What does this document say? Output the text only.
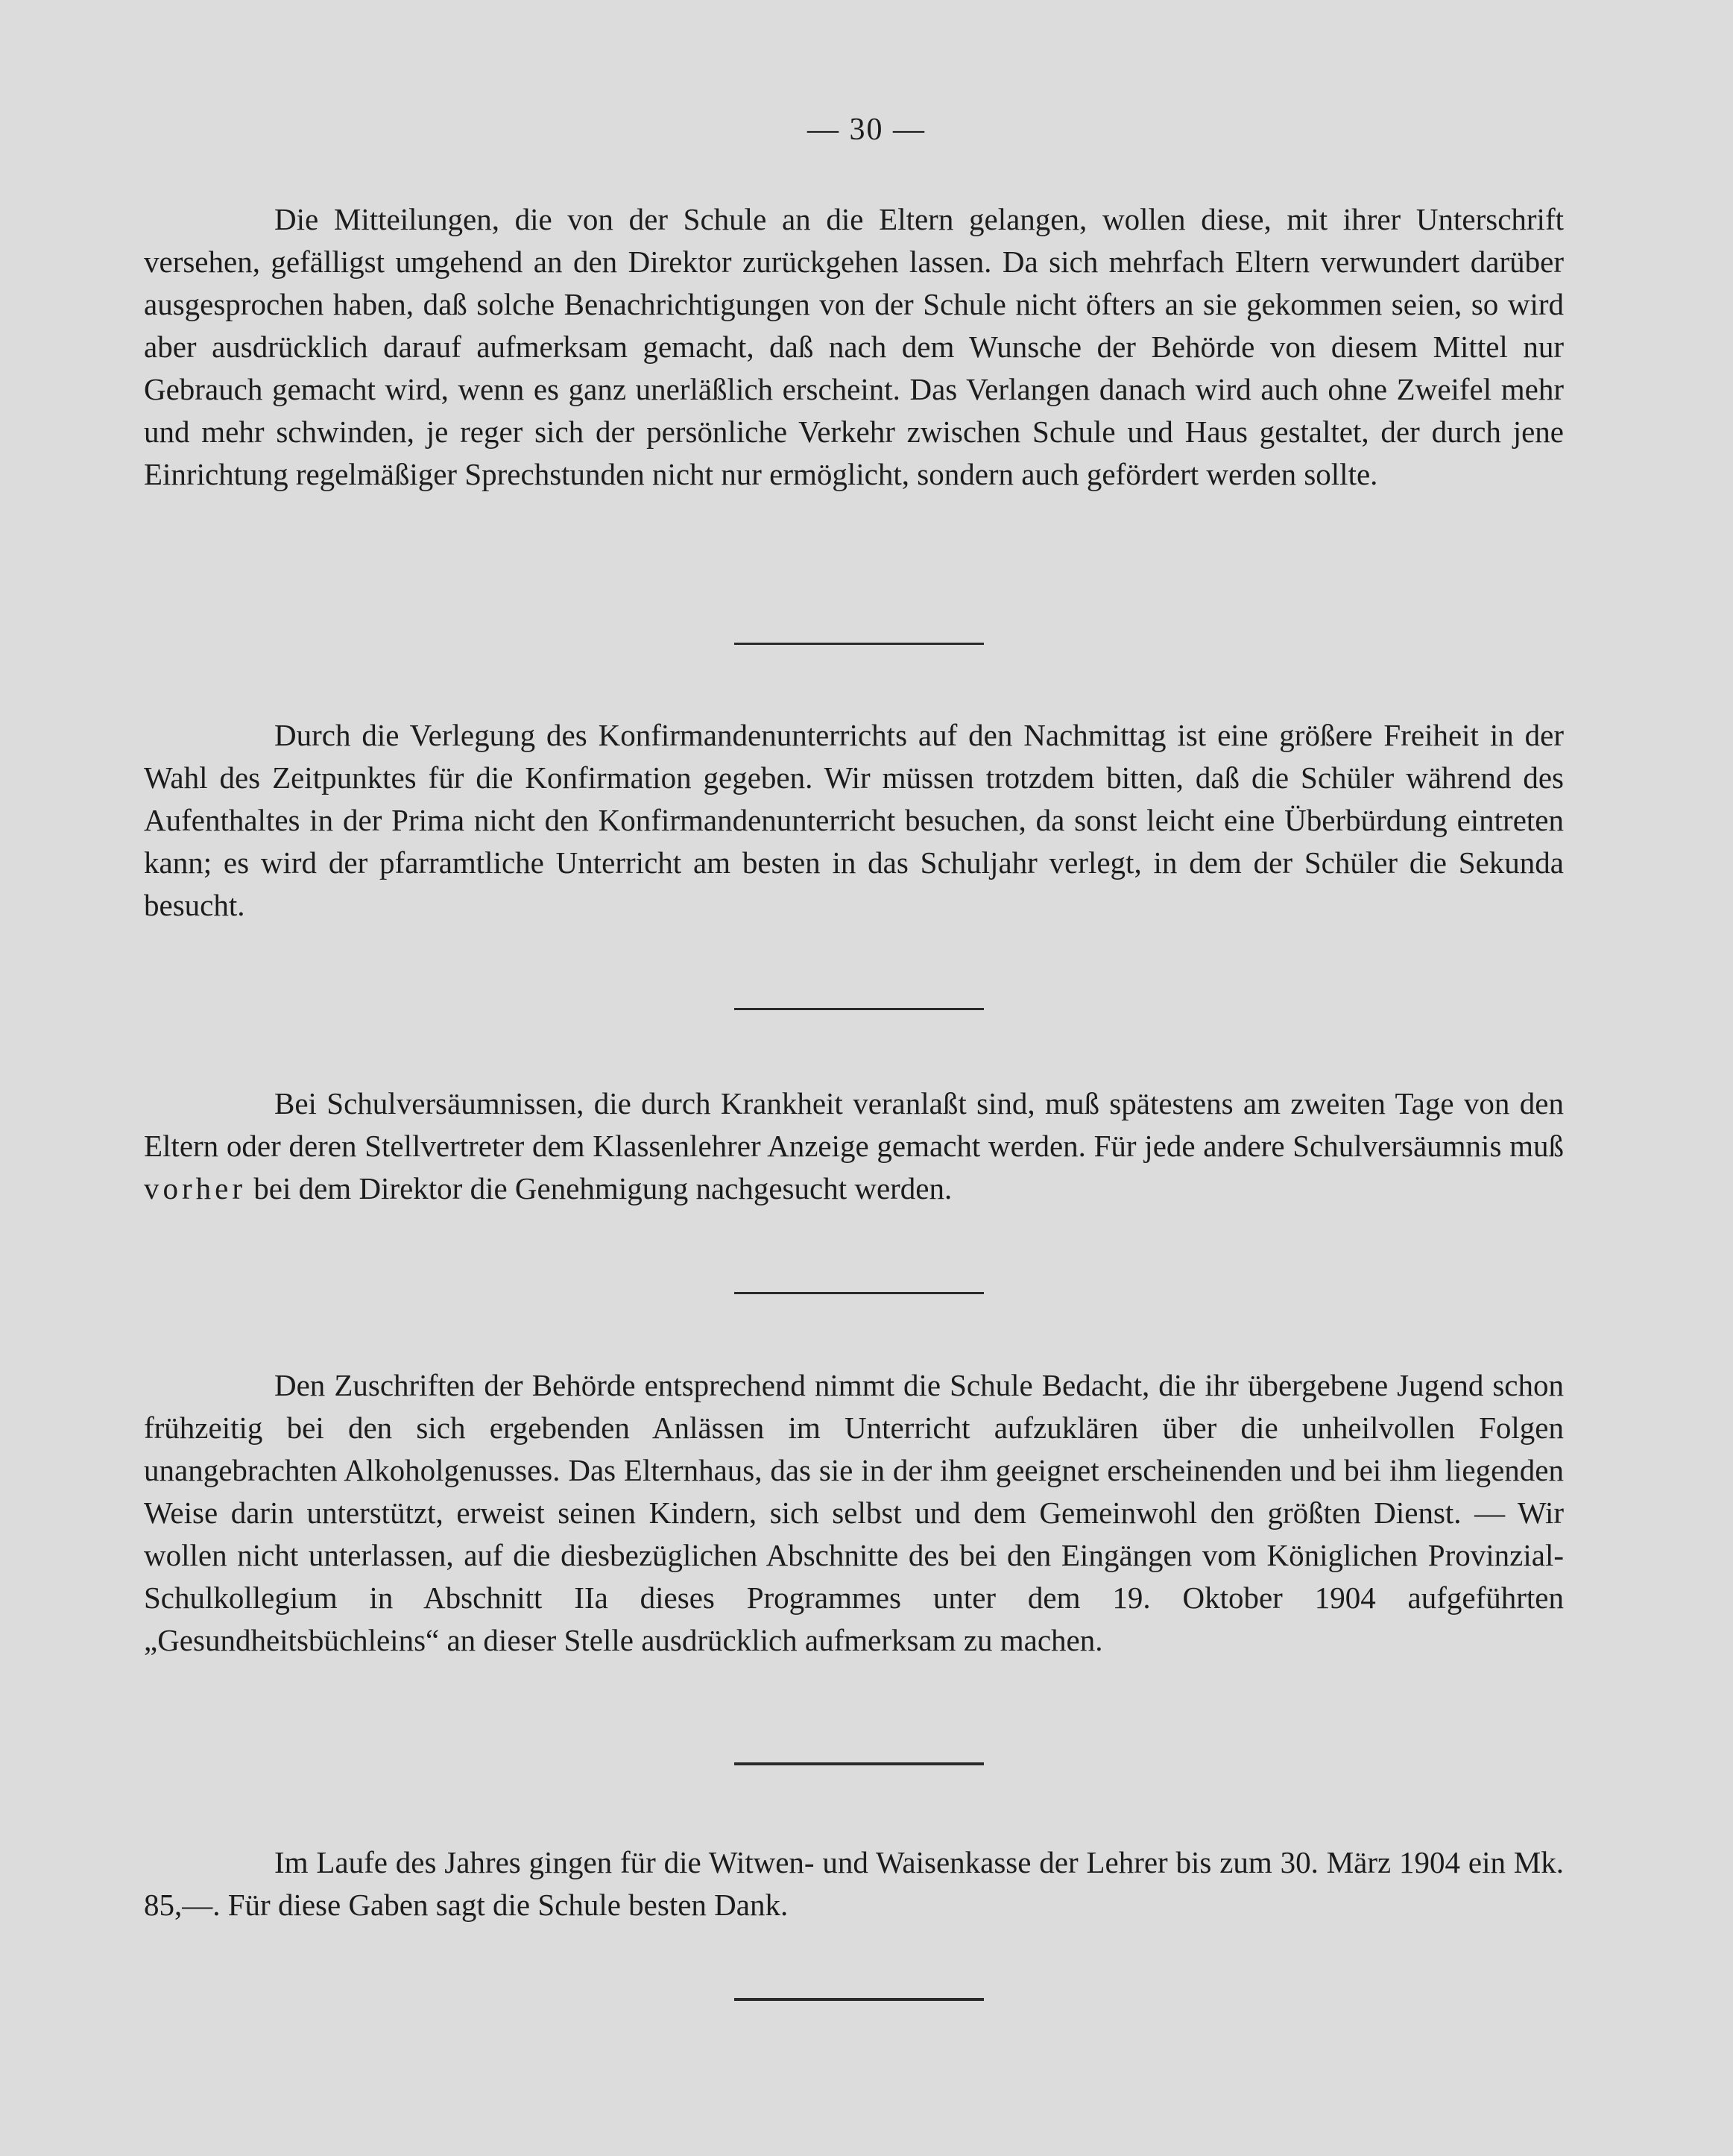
— 30 —

Die Mitteilungen, die von der Schule an die Eltern gelangen, wollen diese, mit ihrer Unterschrift versehen, gefälligst umgehend an den Direktor zurückgehen lassen. Da sich mehrfach Eltern verwundert darüber ausgesprochen haben, daß solche Benachrichtigungen von der Schule nicht öfters an sie gekommen seien, so wird aber ausdrücklich darauf aufmerksam gemacht, daß nach dem Wunsche der Behörde von diesem Mittel nur Gebrauch gemacht wird, wenn es ganz unerläßlich erscheint. Das Verlangen danach wird auch ohne Zweifel mehr und mehr schwinden, je reger sich der persönliche Verkehr zwischen Schule und Haus gestaltet, der durch jene Einrichtung regelmäßiger Sprechstunden nicht nur ermöglicht, sondern auch gefördert werden sollte.

Durch die Verlegung des Konfirmandenunterrichts auf den Nachmittag ist eine größere Freiheit in der Wahl des Zeitpunktes für die Konfirmation gegeben. Wir müssen trotzdem bitten, daß die Schüler während des Aufenthaltes in der Prima nicht den Konfirmandenunterricht besuchen, da sonst leicht eine Überbürdung eintreten kann; es wird der pfarramtliche Unterricht am besten in das Schuljahr verlegt, in dem der Schüler die Sekunda besucht.

Bei Schulversäumnissen, die durch Krankheit veranlaßt sind, muß spätestens am zweiten Tage von den Eltern oder deren Stellvertreter dem Klassenlehrer Anzeige gemacht werden. Für jede andere Schulversäumnis muß vorher bei dem Direktor die Genehmigung nachgesucht werden.

Den Zuschriften der Behörde entsprechend nimmt die Schule Bedacht, die ihr übergebene Jugend schon frühzeitig bei den sich ergebenden Anlässen im Unterricht aufzuklären über die unheilvollen Folgen unangebrachten Alkoholgenusses. Das Elternhaus, das sie in der ihm geeignet erscheinenden und bei ihm liegenden Weise darin unterstützt, erweist seinen Kindern, sich selbst und dem Gemeinwohl den größten Dienst. — Wir wollen nicht unterlassen, auf die diesbezüglichen Abschnitte des bei den Eingängen vom Königlichen Provinzial-Schulkollegium in Abschnitt IIa dieses Programmes unter dem 19. Oktober 1904 aufgeführten „Gesundheitsbüchleins“ an dieser Stelle ausdrücklich aufmerksam zu machen.

Im Laufe des Jahres gingen für die Witwen- und Waisenkasse der Lehrer bis zum 30. März 1904 ein Mk. 85,—. Für diese Gaben sagt die Schule besten Dank.
